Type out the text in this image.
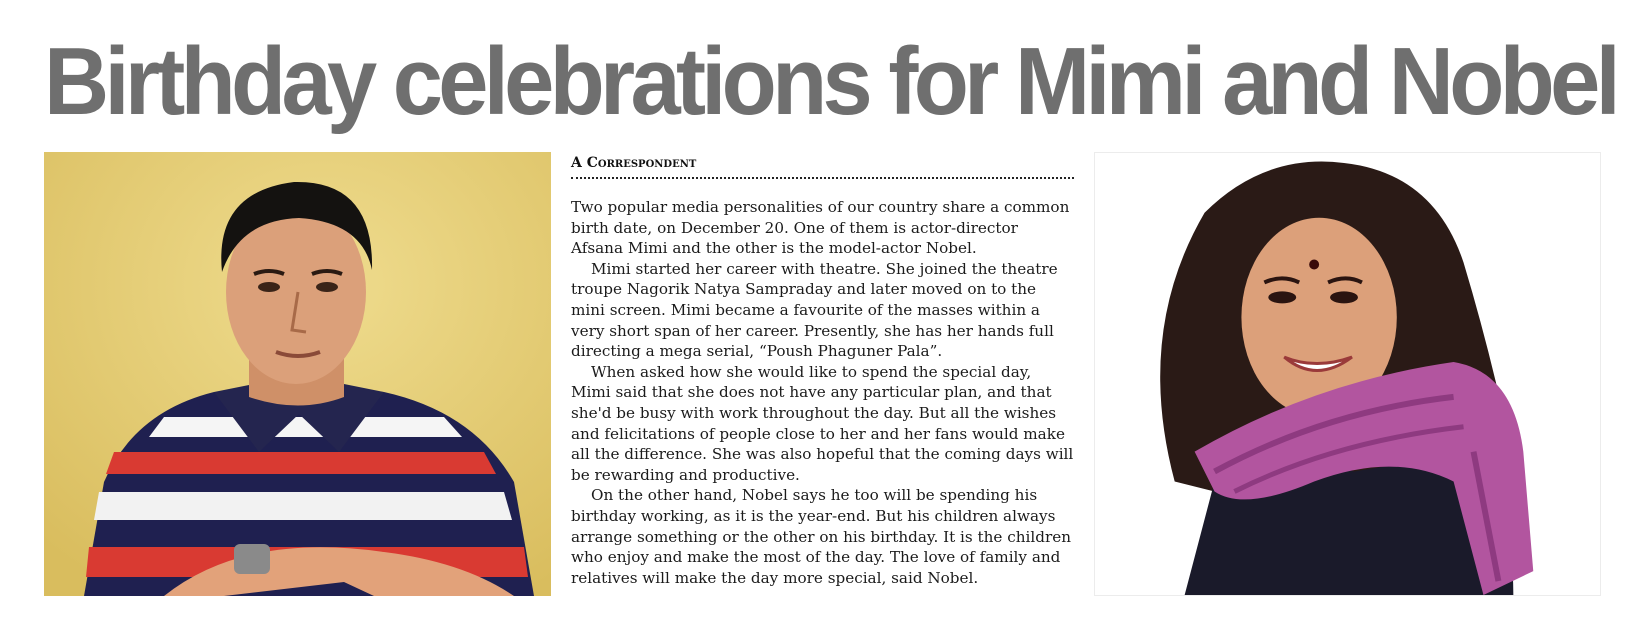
Birthday celebrations for Mimi and Nobel
A Correspondent

Two popular media personalities of our country share a common birth date, on December 20. One of them is actor-director Afsana Mimi and the other is the model-actor Nobel.

Mimi started her career with theatre. She joined the theatre troupe Nagorik Natya Sampraday and later moved on to the mini screen. Mimi became a favourite of the masses within a very short span of her career. Presently, she has her hands full directing a mega serial, “Poush Phaguner Pala”.

When asked how she would like to spend the special day, Mimi said that she does not have any particular plan, and that she'd be busy with work throughout the day. But all the wishes and felicitations of people close to her and her fans would make all the difference. She was also hopeful that the coming days will be rewarding and productive.

On the other hand, Nobel says he too will be spending his birthday working, as it is the year-end. But his children always arrange something or the other on his birthday. It is the children who enjoy and make the most of the day. The love of family and relatives will make the day more special, said Nobel.
